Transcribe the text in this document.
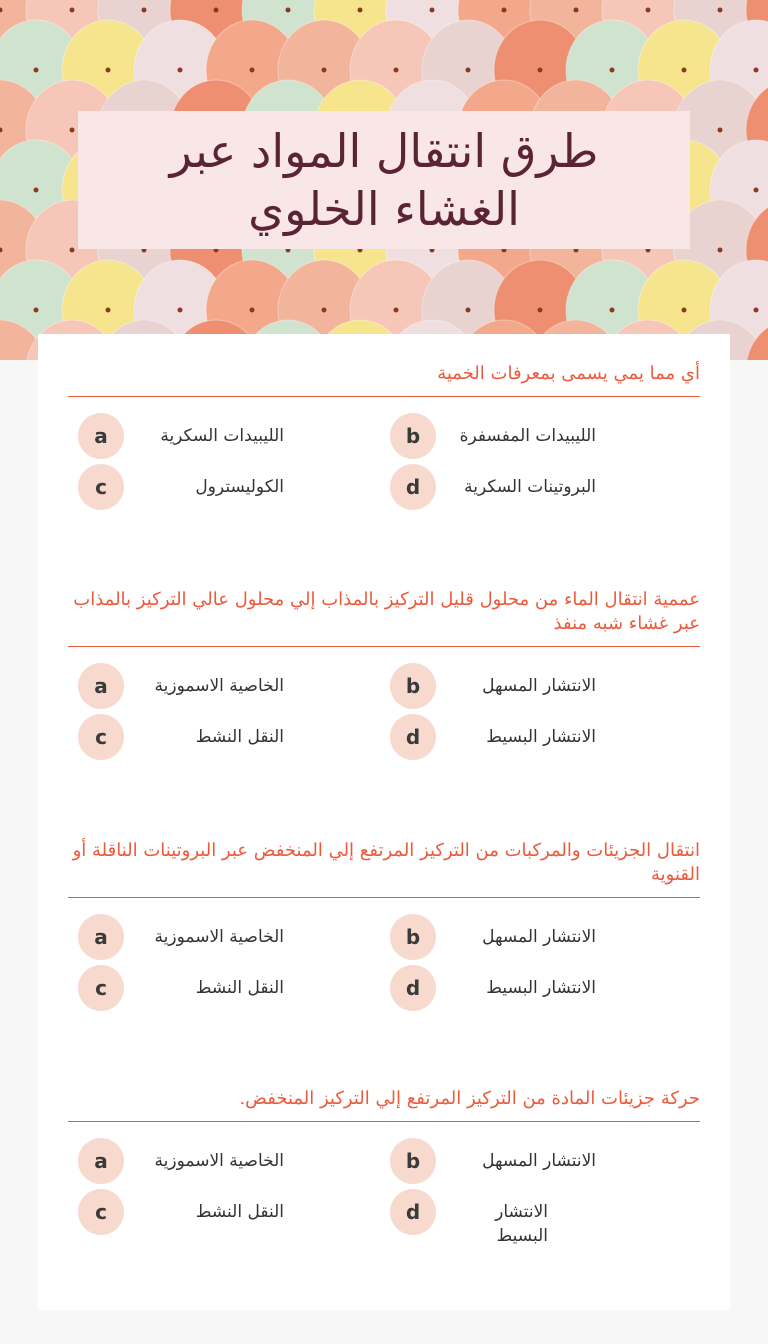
طرق انتقال المواد عبر الغشاء الخلوي

أي مما يمي يسمى بمعرفات الخمية

a	الليبيدات السكرية	b	الليبيدات المفسفرة
c	الكوليسترول	d	البروتينات السكرية

عممية انتقال الماء من محلول قليل التركيز بالمذاب إلي محلول عالي التركيز بالمذاب عبر غشاء شبه منفذ

a	الخاصية الاسموزية	b	الانتشار المسهل
c	النقل النشط	d	الانتشار البسيط

انتقال الجزيئات والمركبات من التركيز المرتفع إلي المنخفض عبر البروتينات الناقلة أو القنوية

a	الخاصية الاسموزية	b	الانتشار المسهل
c	النقل النشط	d	الانتشار البسيط

حركة جزيئات المادة من التركيز المرتفع إلي التركيز المنخفض.

a	الخاصية الاسموزية	b	الانتشار المسهل
c	النقل النشط	d	الانتشار البسيط
